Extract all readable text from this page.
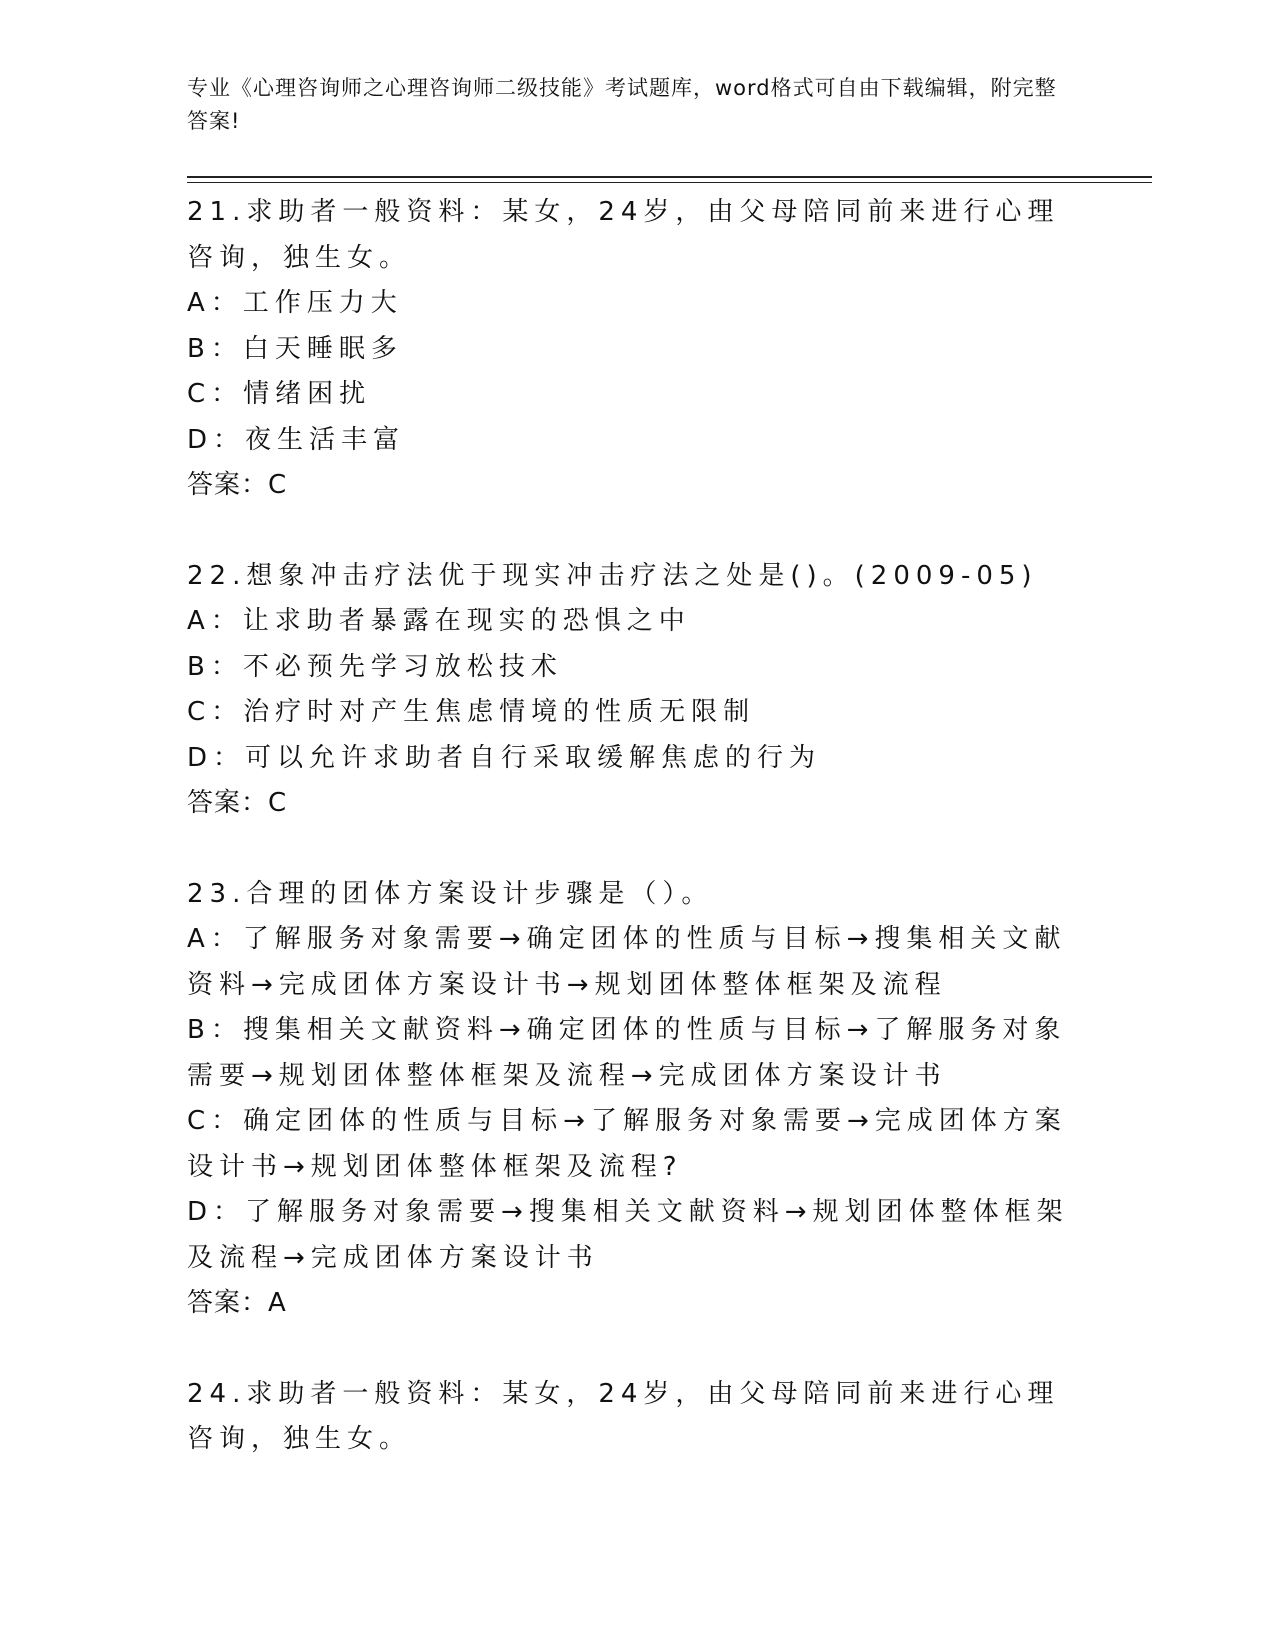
专业《心理咨询师之心理咨询师二级技能》考试题库，word格式可自由下载编辑，附完整答案!
21.求助者一般资料：某女，24岁，由父母陪同前来进行心理咨询，独生女。
A：工作压力大
B：白天睡眠多
C：情绪困扰
D：夜生活丰富
答案：C
22.想象冲击疗法优于现实冲击疗法之处是()。(2009-05)
A：让求助者暴露在现实的恐惧之中
B：不必预先学习放松技术
C：治疗时对产生焦虑情境的性质无限制
D：可以允许求助者自行采取缓解焦虑的行为
答案：C
23.合理的团体方案设计步骤是（）。
A：了解服务对象需要→确定团体的性质与目标→搜集相关文献资料→完成团体方案设计书→规划团体整体框架及流程
B：搜集相关文献资料→确定团体的性质与目标→了解服务对象需要→规划团体整体框架及流程→完成团体方案设计书
C：确定团体的性质与目标→了解服务对象需要→完成团体方案设计书→规划团体整体框架及流程?
D：了解服务对象需要→搜集相关文献资料→规划团体整体框架及流程→完成团体方案设计书
答案：A
24.求助者一般资料：某女，24岁，由父母陪同前来进行心理咨询，独生女。
